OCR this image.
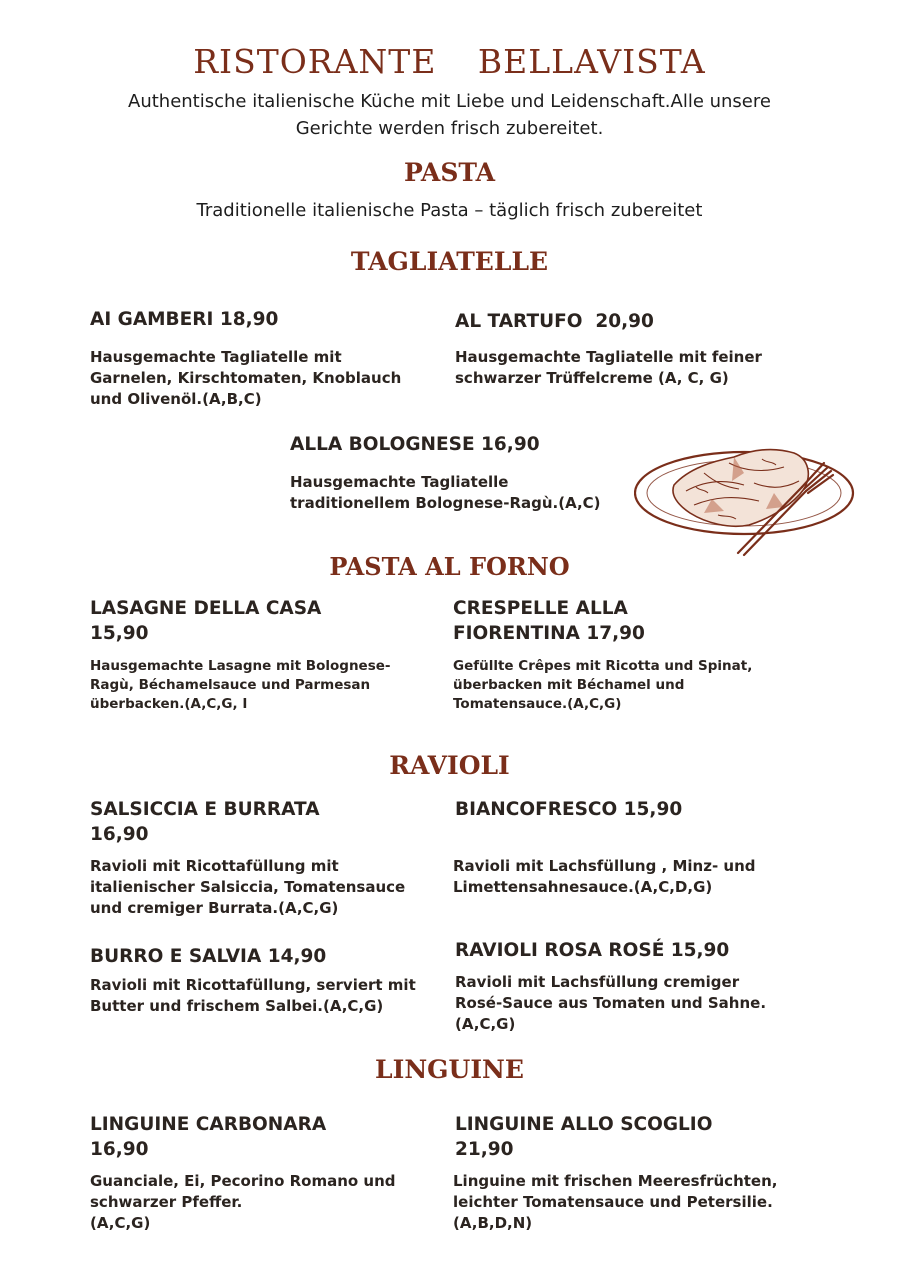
RISTORANTE BELLAVISTA

Authentische italienische Küche mit Liebe und Leidenschaft.Alle unsere
Gerichte werden frisch zubereitet.

PASTA

Traditionelle italienische Pasta – täglich frisch zubereitet

TAGLIATELLE
AI GAMBERI 18,90
Hausgemachte Tagliatelle mit
Garnelen, Kirschtomaten, Knoblauch
und Olivenöl.(A,B,C)
AL TARTUFO  20,90
Hausgemachte Tagliatelle mit feiner
schwarzer Trüffelcreme (A, C, G)
ALLA BOLOGNESE 16,90
Hausgemachte Tagliatelle
traditionellem Bolognese-Ragù.(A,C)
PASTA AL FORNO
LASAGNE DELLA CASA
15,90
Hausgemachte Lasagne mit Bolognese-
Ragù, Béchamelsauce und Parmesan
überbacken.(A,C,G, I
CRESPELLE ALLA
FIORENTINA 17,90
Gefüllte Crêpes mit Ricotta und Spinat,
überbacken mit Béchamel und
Tomatensauce.(A,C,G)
RAVIOLI
SALSICCIA E BURRATA
16,90
Ravioli mit Ricottafüllung mit
italienischer Salsiccia, Tomatensauce
und cremiger Burrata.(A,C,G)
BIANCOFRESCO 15,90
Ravioli mit Lachsfüllung , Minz- und
Limettensahnesauce.(A,C,D,G)
BURRO E SALVIA 14,90
Ravioli mit Ricottafüllung, serviert mit
Butter und frischem Salbei.(A,C,G)
RAVIOLI ROSA ROSÉ 15,90
Ravioli mit Lachsfüllung cremiger
Rosé-Sauce aus Tomaten und Sahne.
(A,C,G)
LINGUINE
LINGUINE CARBONARA
16,90
Guanciale, Ei, Pecorino Romano und
schwarzer Pfeffer.
(A,C,G)
LINGUINE ALLO SCOGLIO
21,90
Linguine mit frischen Meeresfrüchten,
leichter Tomatensauce und Petersilie.
(A,B,D,N)
